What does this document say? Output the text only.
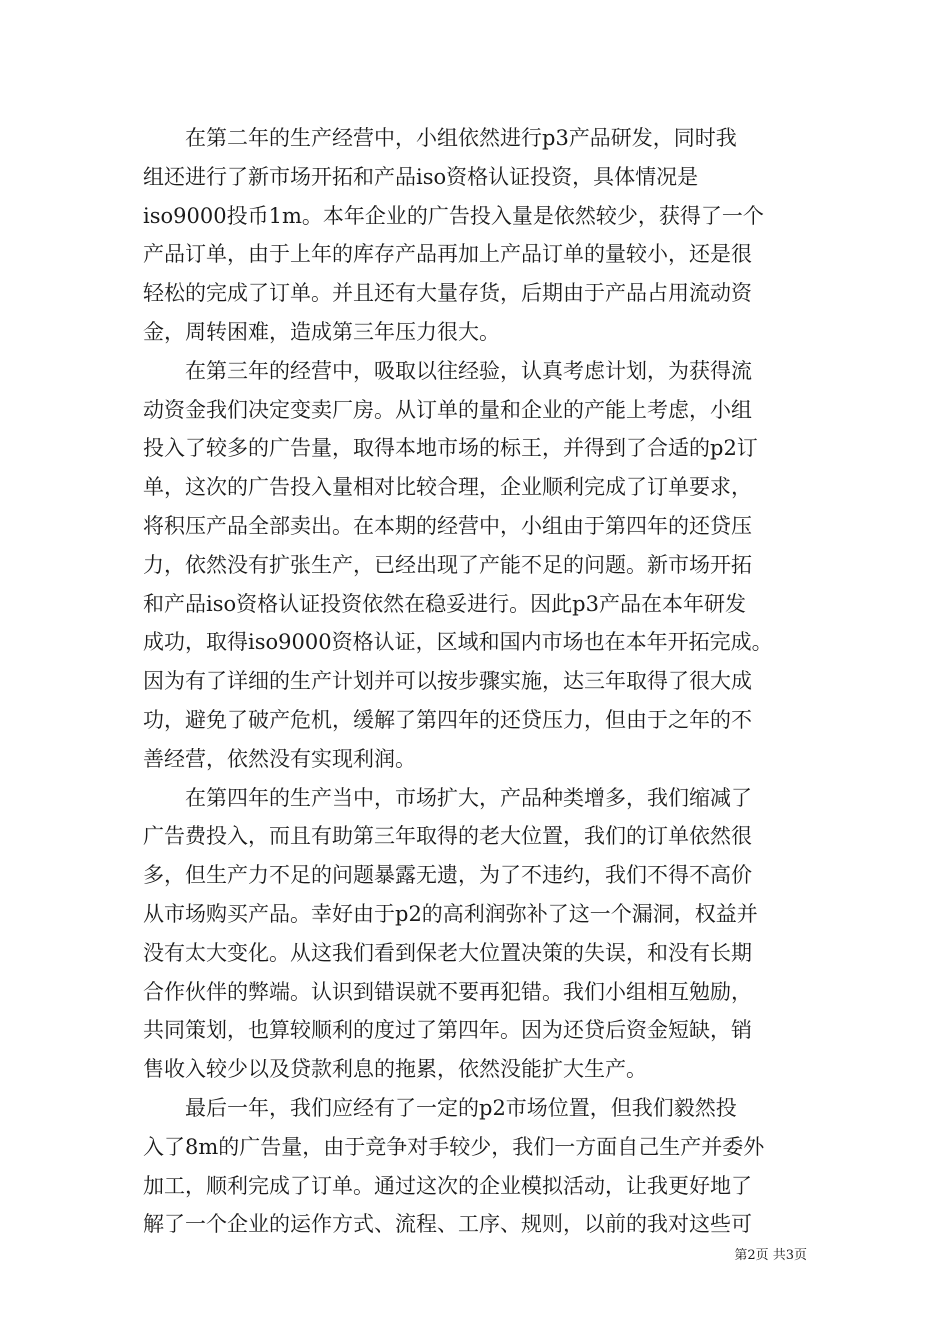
　　在第二年的生产经营中，小组依然进行p3产品研发，同时我
组还进行了新市场开拓和产品iso资格认证投资，具体情况是
iso9000投币1m。本年企业的广告投入量是依然较少，获得了一个
产品订单，由于上年的库存产品再加上产品订单的量较小，还是很
轻松的完成了订单。并且还有大量存货，后期由于产品占用流动资
金，周转困难，造成第三年压力很大。
　　在第三年的经营中，吸取以往经验，认真考虑计划，为获得流
动资金我们决定变卖厂房。从订单的量和企业的产能上考虑，小组
投入了较多的广告量，取得本地市场的标王，并得到了合适的p2订
单，这次的广告投入量相对比较合理，企业顺利完成了订单要求，
将积压产品全部卖出。在本期的经营中，小组由于第四年的还贷压
力，依然没有扩张生产，已经出现了产能不足的问题。新市场开拓
和产品iso资格认证投资依然在稳妥进行。因此p3产品在本年研发
成功，取得iso9000资格认证，区域和国内市场也在本年开拓完成。
因为有了详细的生产计划并可以按步骤实施，达三年取得了很大成
功，避免了破产危机，缓解了第四年的还贷压力，但由于之年的不
善经营，依然没有实现利润。
　　在第四年的生产当中，市场扩大，产品种类增多，我们缩减了
广告费投入，而且有助第三年取得的老大位置，我们的订单依然很
多，但生产力不足的问题暴露无遗，为了不违约，我们不得不高价
从市场购买产品。幸好由于p2的高利润弥补了这一个漏洞，权益并
没有太大变化。从这我们看到保老大位置决策的失误，和没有长期
合作伙伴的弊端。认识到错误就不要再犯错。我们小组相互勉励，
共同策划，也算较顺利的度过了第四年。因为还贷后资金短缺，销
售收入较少以及贷款利息的拖累，依然没能扩大生产。
　　最后一年，我们应经有了一定的p2市场位置，但我们毅然投
入了8m的广告量，由于竞争对手较少，我们一方面自己生产并委外
加工，顺利完成了订单。通过这次的企业模拟活动，让我更好地了
解了一个企业的运作方式、流程、工序、规则，以前的我对这些可
第2页 共3页
